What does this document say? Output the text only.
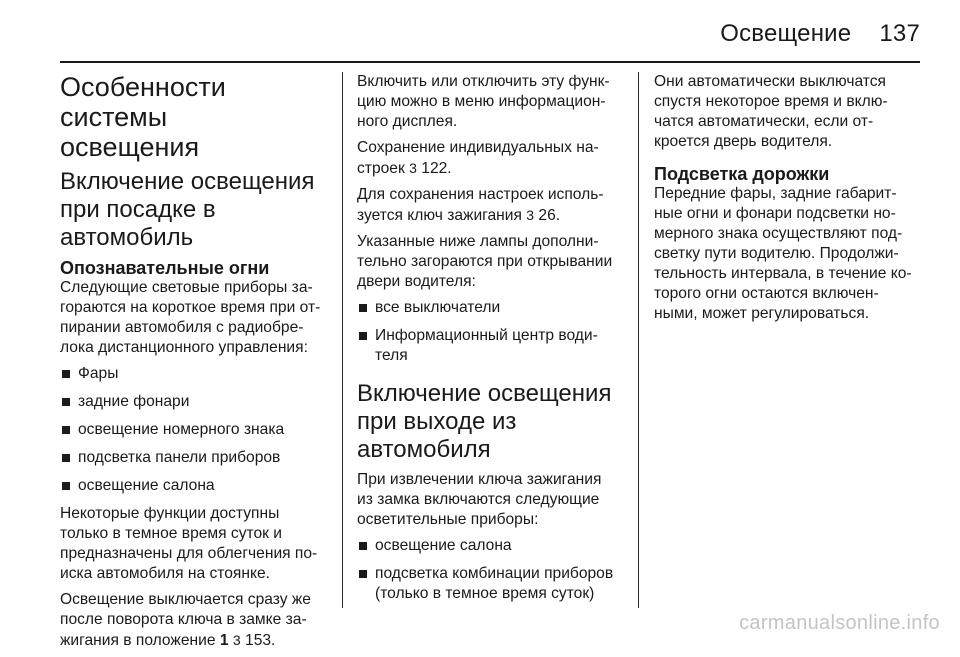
Освещение 137
Особенности системы
освещения
Включение освещения
при посадке в
автомобиль
Опознавательные огни

Следующие световые приборы за-
гораются на короткое время при от-
пирании автомобиля с радиобре-
лока дистанционного управления:

Фары
задние фонари
освещение номерного знака
подсветка панели приборов
освещение салона

Некоторые функции доступны
только в темное время суток и
предназначены для облегчения по-
иска автомобиля на стоянке.

Освещение выключается сразу же
после поворота ключа в замке за-
жигания в положение 1 3 153.

Включить или отключить эту функ-
цию можно в меню информацион-
ного дисплея.

Сохранение индивидуальных на-
строек 3 122.

Для сохранения настроек исполь-
зуется ключ зажигания 3 26.

Указанные ниже лампы дополни-
тельно загораются при открывании
двери водителя:

все выключатели
Информационный центр води-
теля
Включение освещения
при выходе из
автомобиля

При извлечении ключа зажигания
из замка включаются следующие
осветительные приборы:

освещение салона
подсветка комбинации приборов
(только в темное время суток)

Они автоматически выключатся
спустя некоторое время и вклю-
чатся автоматически, если от-
кроется дверь водителя.

Подсветка дорожки

Передние фары, задние габарит-
ные огни и фонари подсветки но-
мерного знака осуществляют под-
светку пути водителю. Продолжи-
тельность интервала, в течение ко-
торого огни остаются включен-
ными, может регулироваться.

carmanualsonline.info
